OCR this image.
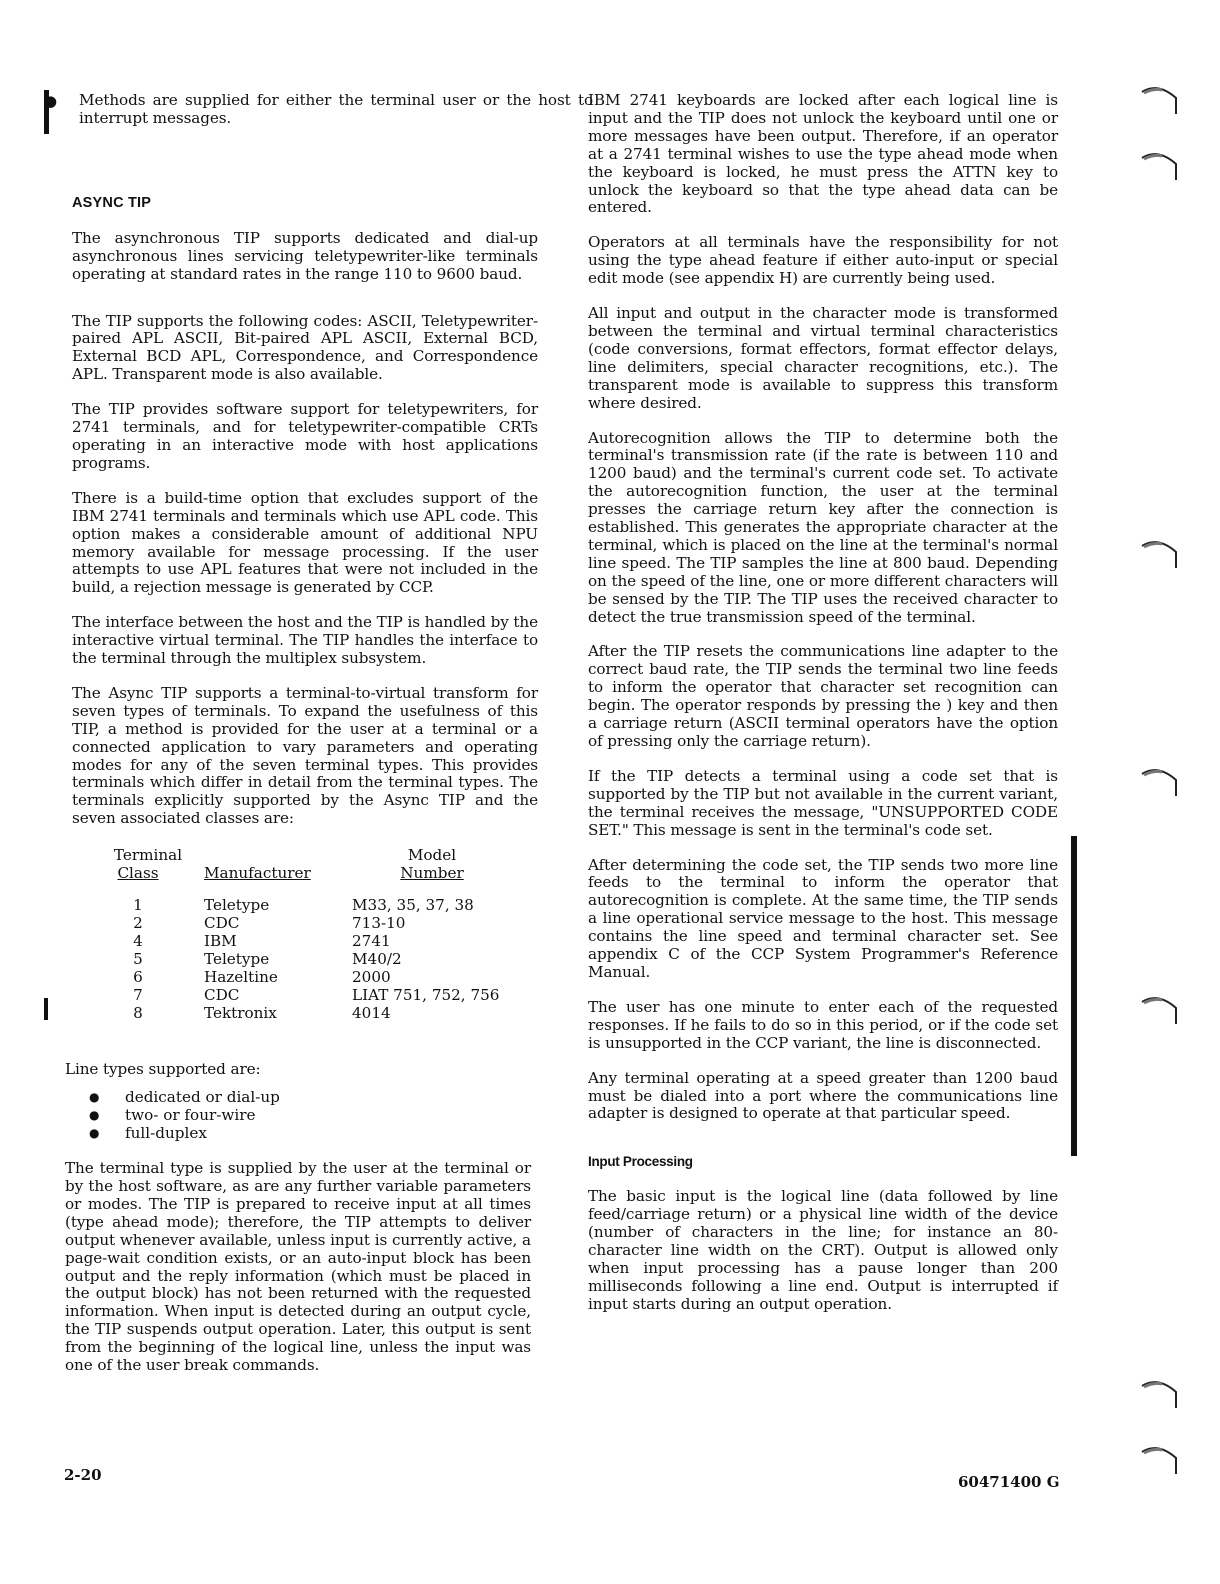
● Methods are supplied for either the terminal user or the host to interrupt messages.

ASYNC TIP

The asynchronous TIP supports dedicated and dial-up asynchronous lines servicing teletypewriter-like terminals operating at standard rates in the range 110 to 9600 baud.

The TIP supports the following codes: ASCII, Teletypewriter-paired APL ASCII, Bit-paired APL ASCII, External BCD, External BCD APL, Correspondence, and Correspondence APL. Transparent mode is also available.

The TIP provides software support for teletypewriters, for 2741 terminals, and for teletypewriter-compatible CRTs operating in an interactive mode with host applications programs.

There is a build-time option that excludes support of the IBM 2741 terminals and terminals which use APL code. This option makes a considerable amount of additional NPU memory available for message processing. If the user attempts to use APL features that were not included in the build, a rejection message is generated by CCP.

The interface between the host and the TIP is handled by the interactive virtual terminal. The TIP handles the interface to the terminal through the multiplex subsystem.

The Async TIP supports a terminal-to-virtual transform for seven types of terminals. To expand the usefulness of this TIP, a method is provided for the user at a terminal or a connected application to vary parameters and operating modes for any of the seven terminal types. This provides terminals which differ in detail from the terminal types. The terminals explicitly supported by the Async TIP and the seven associated classes are:

Terminal		Model
Class	Manufacturer	Number

1	Teletype	M33, 35, 37, 38
2	CDC	713-10
4	IBM	2741
5	Teletype	M40/2
6	Hazeltine	2000
7	CDC	LIAT 751, 752, 756
8	Tektronix	4014

Line types supported are:

● dedicated or dial-up
● two- or four-wire
● full-duplex

The terminal type is supplied by the user at the terminal or by the host software, as are any further variable parameters or modes. The TIP is prepared to receive input at all times (type ahead mode); therefore, the TIP attempts to deliver output whenever available, unless input is currently active, a page-wait condition exists, or an auto-input block has been output and the reply information (which must be placed in the output block) has not been returned with the requested information. When input is detected during an output cycle, the TIP suspends output operation. Later, this output is sent from the beginning of the logical line, unless the input was one of the user break commands.

IBM 2741 keyboards are locked after each logical line is input and the TIP does not unlock the keyboard until one or more messages have been output. Therefore, if an operator at a 2741 terminal wishes to use the type ahead mode when the keyboard is locked, he must press the ATTN key to unlock the keyboard so that the type ahead data can be entered.

Operators at all terminals have the responsibility for not using the type ahead feature if either auto-input or special edit mode (see appendix H) are currently being used.

All input and output in the character mode is transformed between the terminal and virtual terminal characteristics (code conversions, format effectors, format effector delays, line delimiters, special character recognitions, etc.). The transparent mode is available to suppress this transform where desired.

Autorecognition allows the TIP to determine both the terminal's transmission rate (if the rate is between 110 and 1200 baud) and the terminal's current code set. To activate the autorecognition function, the user at the terminal presses the carriage return key after the connection is established. This generates the appropriate character at the terminal, which is placed on the line at the terminal's normal line speed. The TIP samples the line at 800 baud. Depending on the speed of the line, one or more different characters will be sensed by the TIP. The TIP uses the received character to detect the true transmission speed of the terminal.

After the TIP resets the communications line adapter to the correct baud rate, the TIP sends the terminal two line feeds to inform the operator that character set recognition can begin. The operator responds by pressing the ) key and then a carriage return (ASCII terminal operators have the option of pressing only the carriage return).

If the TIP detects a terminal using a code set that is supported by the TIP but not available in the current variant, the terminal receives the message, "UNSUPPORTED CODE SET." This message is sent in the terminal's code set.

After determining the code set, the TIP sends two more line feeds to the terminal to inform the operator that autorecognition is complete. At the same time, the TIP sends a line operational service message to the host. This message contains the line speed and terminal character set. See appendix C of the CCP System Programmer's Reference Manual.

The user has one minute to enter each of the requested responses. If he fails to do so in this period, or if the code set is unsupported in the CCP variant, the line is disconnected.

Any terminal operating at a speed greater than 1200 baud must be dialed into a port where the communications line adapter is designed to operate at that particular speed.

Input Processing

The basic input is the logical line (data followed by line feed/carriage return) or a physical line width of the device (number of characters in the line; for instance an 80-character line width on the CRT). Output is allowed only when input processing has a pause longer than 200 milliseconds following a line end. Output is interrupted if input starts during an output operation.

2-20	60471400 G
